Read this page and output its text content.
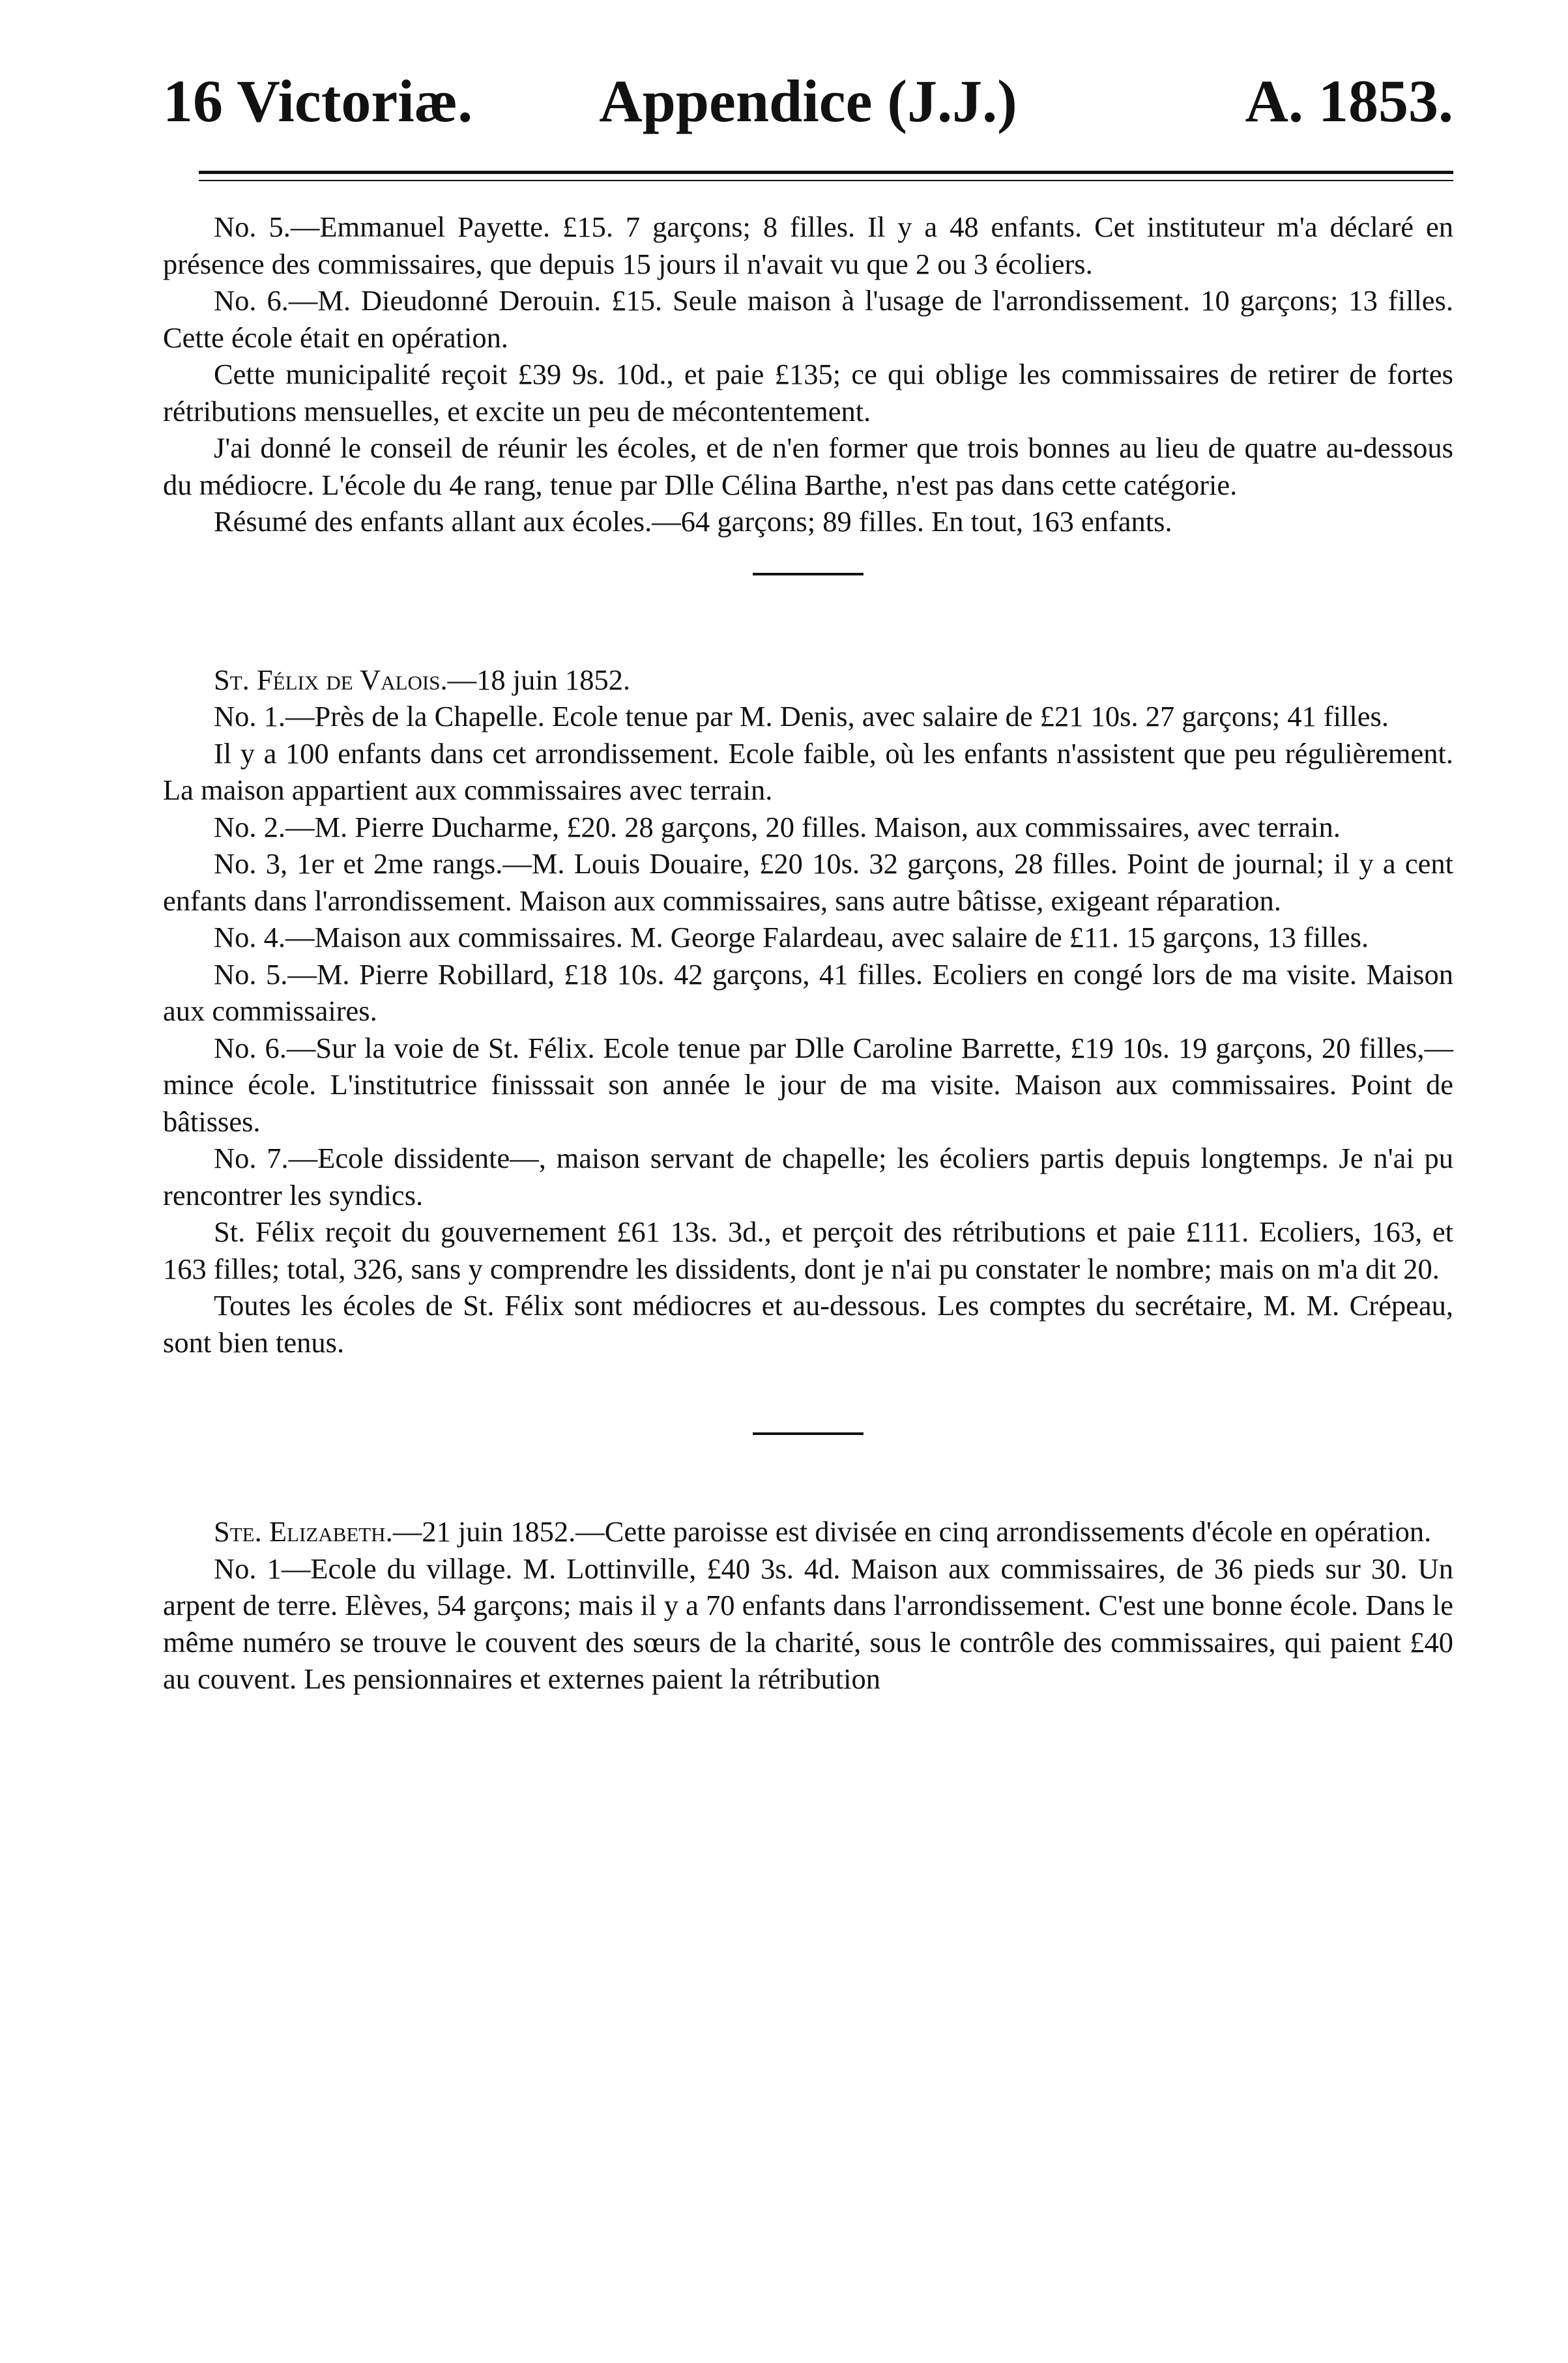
16 Victoriæ.	Appendice (J.J.)	A. 1853.

No. 5.—Emmanuel Payette. £15. 7 garçons; 8 filles. Il y a 48 enfants. Cet instituteur m'a déclaré en présence des commissaires, que depuis 15 jours il n'avait vu que 2 ou 3 écoliers.

No. 6.—M. Dieudonné Derouin. £15. Seule maison à l'usage de l'arrondissement. 10 garçons; 13 filles. Cette école était en opération.

Cette municipalité reçoit £39 9s. 10d., et paie £135; ce qui oblige les commissaires de retirer de fortes rétributions mensuelles, et excite un peu de mécontentement.

J'ai donné le conseil de réunir les écoles, et de n'en former que trois bonnes au lieu de quatre au-dessous du médiocre. L'école du 4e rang, tenue par Dlle Célina Barthe, n'est pas dans cette catégorie.

Résumé des enfants allant aux écoles.—64 garçons; 89 filles. En tout, 163 enfants.

St. Félix de Valois.—18 juin 1852.

No. 1.—Près de la Chapelle. Ecole tenue par M. Denis, avec salaire de £21 10s. 27 garçons; 41 filles.

Il y a 100 enfants dans cet arrondissement. Ecole faible, où les enfants n'assistent que peu régulièrement. La maison appartient aux commissaires avec terrain.

No. 2.—M. Pierre Ducharme, £20. 28 garçons, 20 filles. Maison, aux commissaires, avec terrain.

No. 3, 1er et 2me rangs.—M. Louis Douaire, £20 10s. 32 garçons, 28 filles. Point de journal; il y a cent enfants dans l'arrondissement. Maison aux commissaires, sans autre bâtisse, exigeant réparation.

No. 4.—Maison aux commissaires. M. George Falardeau, avec salaire de £11. 15 garçons, 13 filles.

No. 5.—M. Pierre Robillard, £18 10s. 42 garçons, 41 filles. Ecoliers en congé lors de ma visite. Maison aux commissaires.

No. 6.—Sur la voie de St. Félix. Ecole tenue par Dlle Caroline Barrette, £19 10s. 19 garçons, 20 filles,—mince école. L'institutrice finisssait son année le jour de ma visite. Maison aux commissaires. Point de bâtisses.

No. 7.—Ecole dissidente—, maison servant de chapelle; les écoliers partis depuis longtemps. Je n'ai pu rencontrer les syndics.

St. Félix reçoit du gouvernement £61 13s. 3d., et perçoit des rétributions et paie £111. Ecoliers, 163, et 163 filles; total, 326, sans y comprendre les dissidents, dont je n'ai pu constater le nombre; mais on m'a dit 20.

Toutes les écoles de St. Félix sont médiocres et au-dessous. Les comptes du secrétaire, M. M. Crépeau, sont bien tenus.

Ste. Elizabeth.—21 juin 1852.—Cette paroisse est divisée en cinq arrondissements d'école en opération.

No. 1—Ecole du village. M. Lottinville, £40 3s. 4d. Maison aux commissaires, de 36 pieds sur 30. Un arpent de terre. Elèves, 54 garçons; mais il y a 70 enfants dans l'arrondissement. C'est une bonne école. Dans le même numéro se trouve le couvent des sœurs de la charité, sous le contrôle des commissaires, qui paient £40 au couvent. Les pensionnaires et externes paient la rétribution
